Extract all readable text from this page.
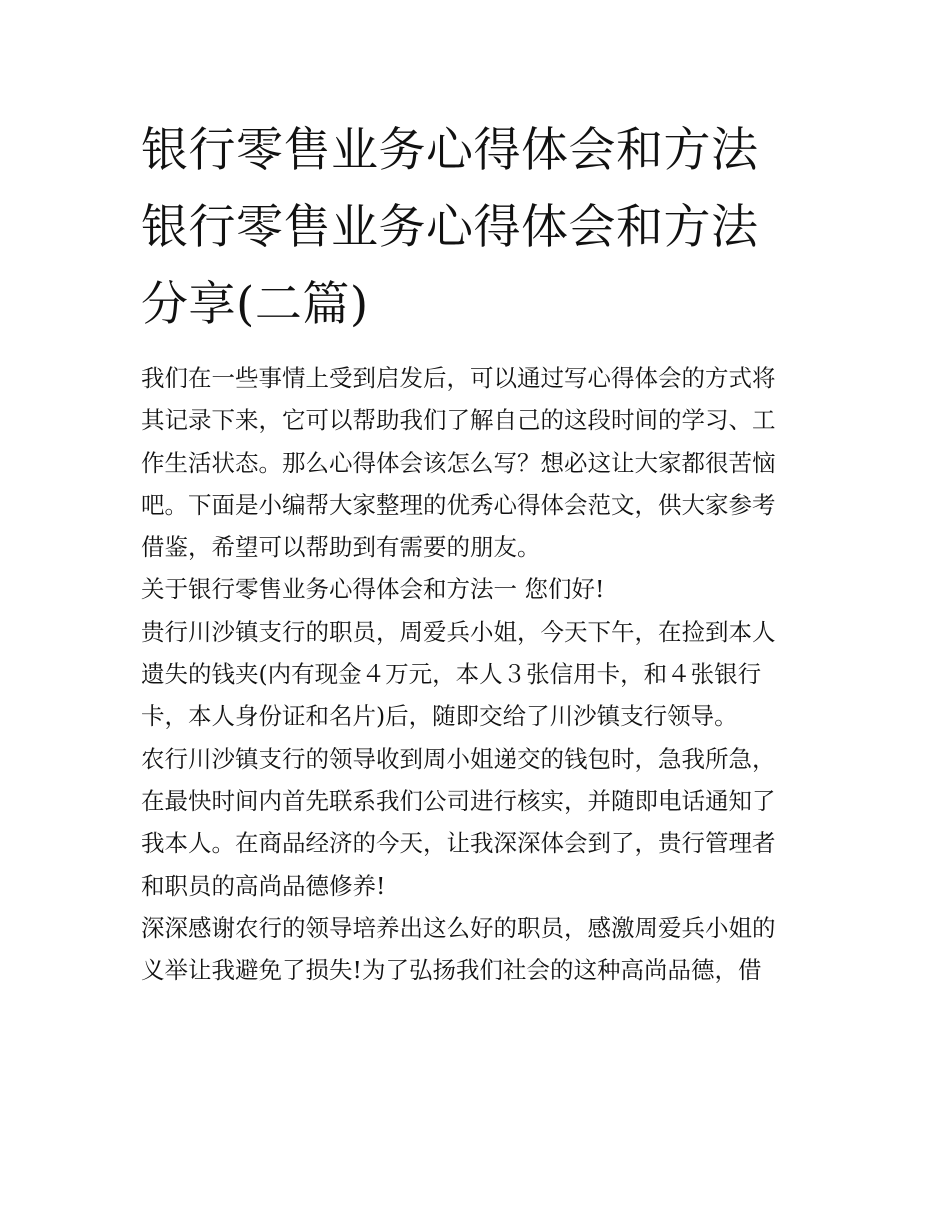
银行零售业务心得体会和方法
银行零售业务心得体会和方法
分享(二篇)

我们在一些事情上受到启发后，可以通过写心得体会的方式将
其记录下来，它可以帮助我们了解自己的这段时间的学习、工
作生活状态。那么心得体会该怎么写？想必这让大家都很苦恼
吧。下面是小编帮大家整理的优秀心得体会范文，供大家参考
借鉴，希望可以帮助到有需要的朋友。

关于银行零售业务心得体会和方法一 您们好!

贵行川沙镇支行的职员，周爱兵小姐，今天下午，在捡到本人
遗失的钱夹(内有现金４万元，本人３张信用卡，和４张银行
卡，本人身份证和名片)后，随即交给了川沙镇支行领导。

农行川沙镇支行的领导收到周小姐递交的钱包时，急我所急，
在最快时间内首先联系我们公司进行核实，并随即电话通知了
我本人。在商品经济的今天，让我深深体会到了，贵行管理者
和职员的高尚品德修养!

深深感谢农行的领导培养出这么好的职员，感激周爱兵小姐的
义举让我避免了损失!为了弘扬我们社会的这种高尚品德，借
